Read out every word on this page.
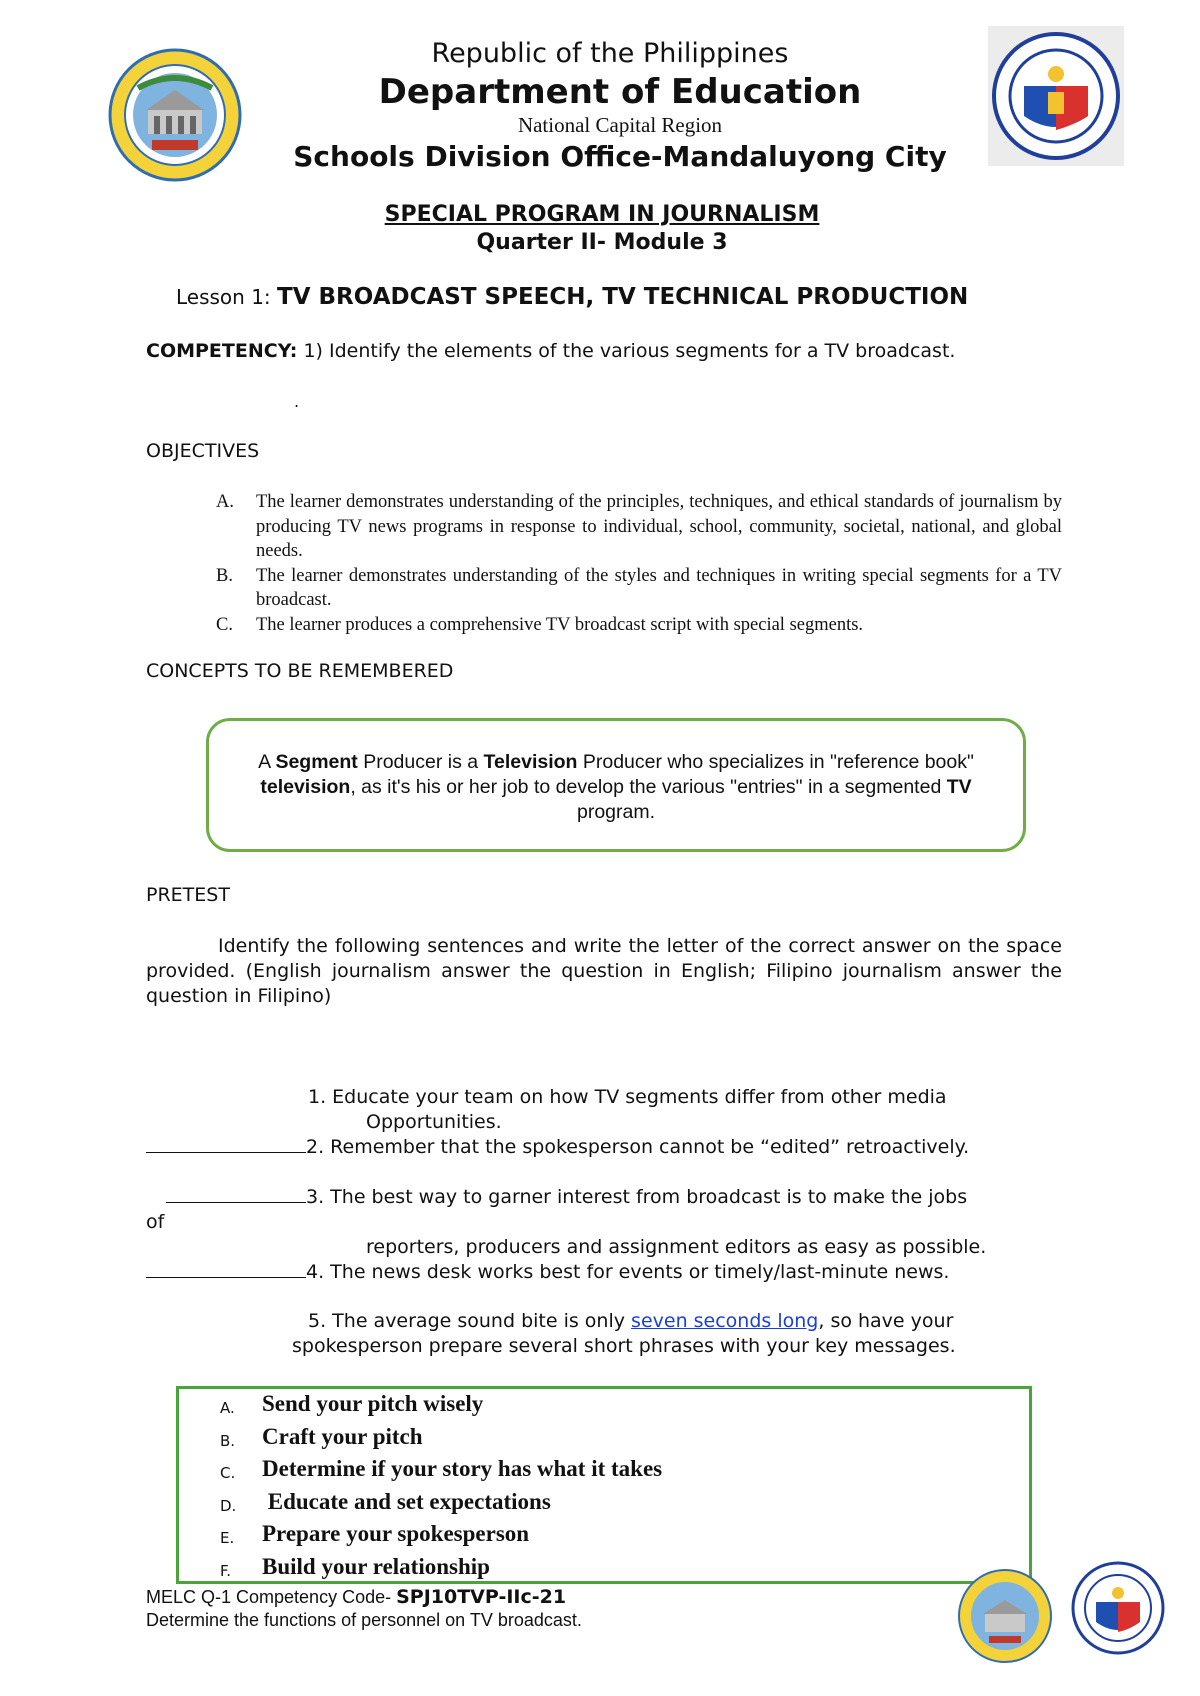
Republic of the Philippines
Department of Education
National Capital Region
Schools Division Office-Mandaluyong City
SPECIAL PROGRAM IN JOURNALISM
Quarter II- Module 3
Lesson 1: TV BROADCAST SPEECH, TV TECHNICAL PRODUCTION
COMPETENCY: 1) Identify the elements of the various segments for a TV broadcast.
.
OBJECTIVES
A.	The learner demonstrates understanding of the principles, techniques, and ethical standards of journalism by producing TV news programs in response to individual, school, community, societal, national, and global needs.
B.	The learner demonstrates understanding of the styles and techniques in writing special segments for a TV broadcast.
C.	The learner produces a comprehensive TV broadcast script with special segments.
CONCEPTS TO BE REMEMBERED
A Segment Producer is a Television Producer who specializes in "reference book" television, as it's his or her job to develop the various "entries" in a segmented TV program.
PRETEST
Identify the following sentences and write the letter of the correct answer on the space provided. (English journalism answer the question in English; Filipino journalism answer the question in Filipino)
1. Educate your team on how TV segments differ from other media
Opportunities.
2. Remember that the spokesperson cannot be “edited” retroactively.
3. The best way to garner interest from broadcast is to make the jobs
of
reporters, producers and assignment editors as easy as possible.
4. The news desk works best for events or timely/last-minute news.
5. The average sound bite is only seven seconds long, so have your
spokesperson prepare several short phrases with your key messages.
A.	Send your pitch wisely
B.	Craft your pitch
C.	Determine if your story has what it takes
D.	Educate and set expectations
E.	Prepare your spokesperson
F.	Build your relationship
MELC Q-1 Competency Code- SPJ10TVP-IIc-21
Determine the functions of personnel on TV broadcast.
